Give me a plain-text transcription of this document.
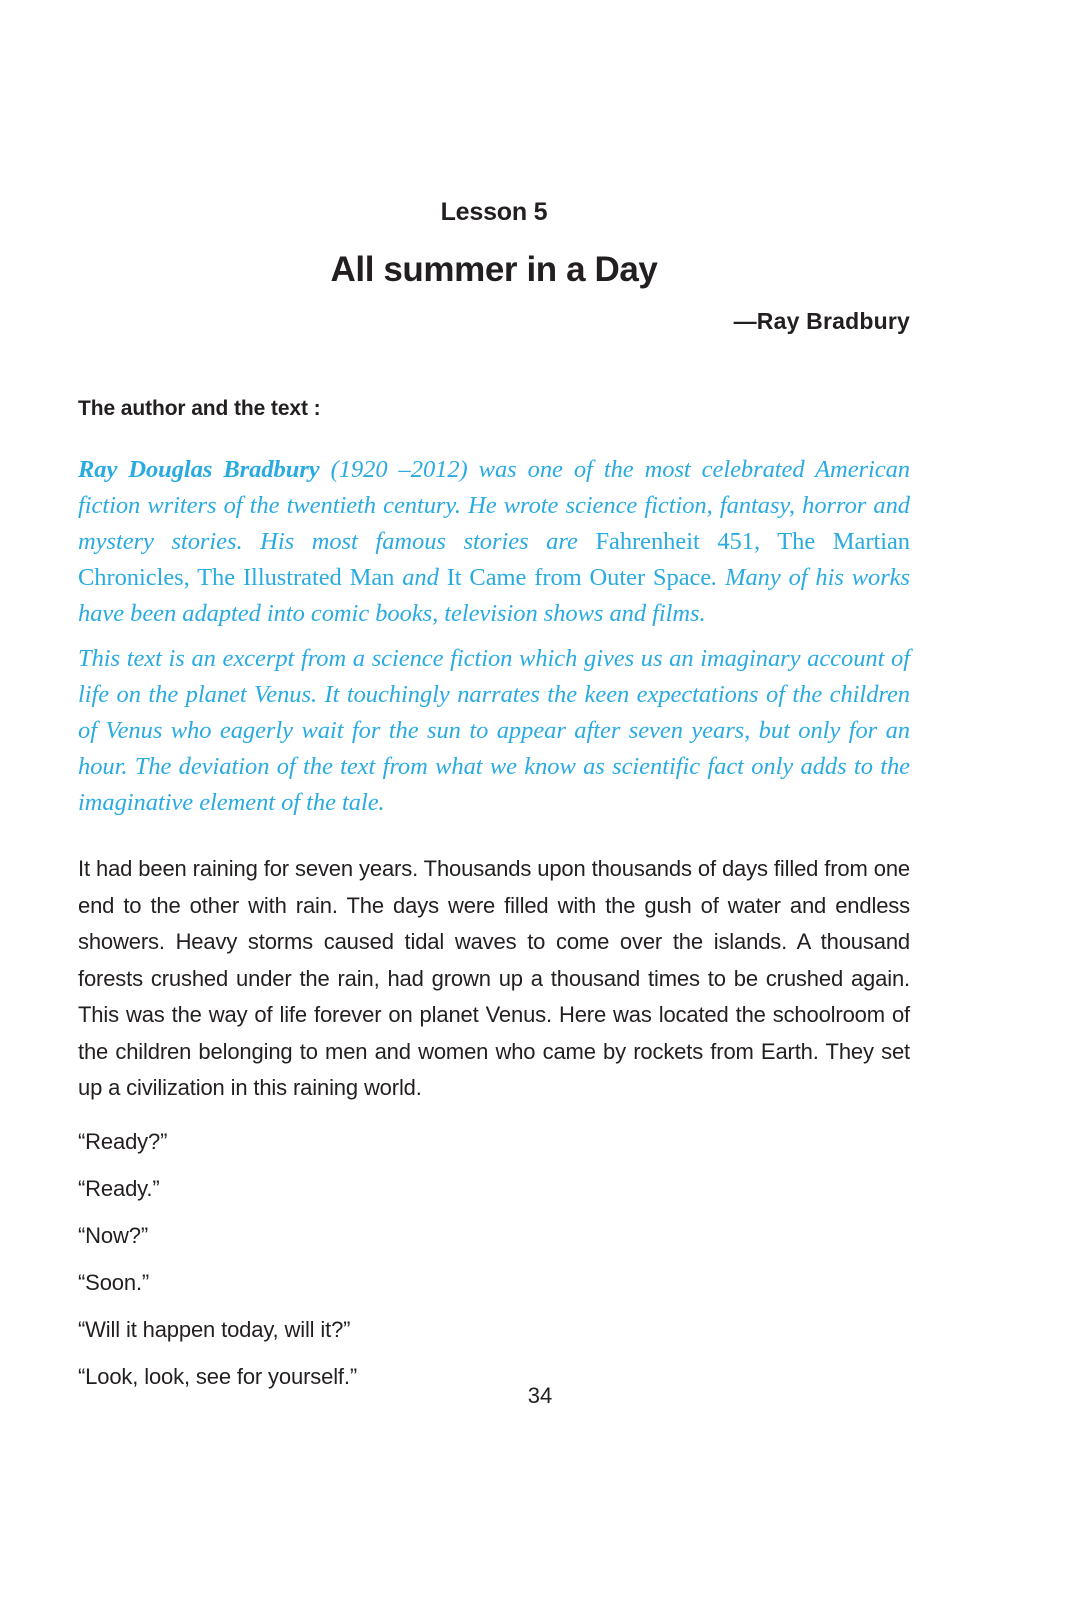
Lesson 5
All summer in a Day

—Ray Bradbury

The author and the text :

Ray Douglas Bradbury (1920 –2012) was one of the most celebrated American fiction writers of the twentieth century. He wrote science fiction, fantasy, horror and mystery stories. His most famous stories are Fahrenheit 451, The Martian Chronicles, The Illustrated Man and It Came from Outer Space. Many of his works have been adapted into comic books, television shows and films.

This text is an excerpt from a science fiction which gives us an imaginary account of life on the planet Venus. It touchingly narrates the keen expectations of the children of Venus who eagerly wait for the sun to appear after seven years, but only for an hour. The deviation of the text from what we know as scientific fact only adds to the imaginative element of the tale.

It had been raining for seven years. Thousands upon thousands of days filled from one end to the other with rain. The days were filled with the gush of water and endless showers. Heavy storms caused tidal waves to come over the islands. A thousand forests crushed under the rain, had grown up a thousand times to be crushed again. This was the way of life forever on planet Venus. Here was located the schoolroom of the children belonging to men and women who came by rockets from Earth. They set up a civilization in this raining world.

“Ready?”

“Ready.”

“Now?”

“Soon.”

“Will it happen today, will it?”

“Look, look, see for yourself.”

34
